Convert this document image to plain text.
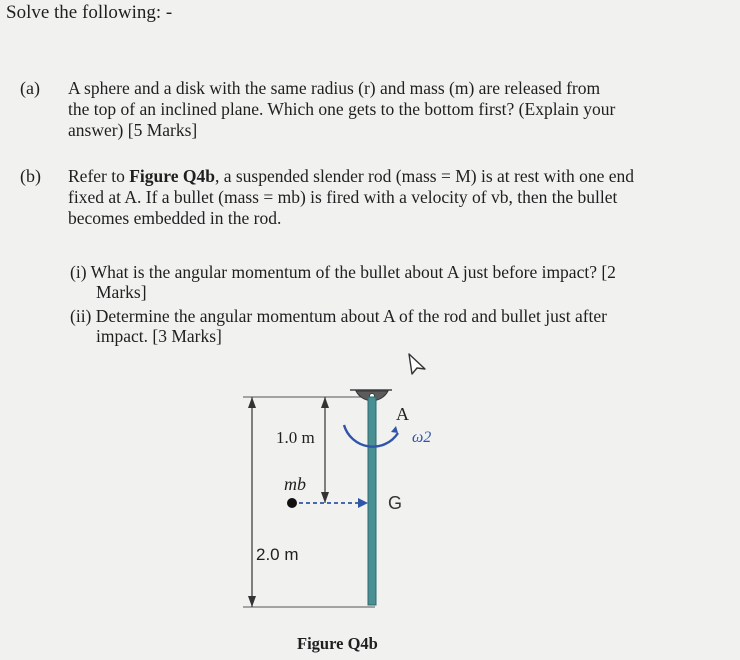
Solve the following: -
(a) A sphere and a disk with the same radius (r) and mass (m) are released from
the top of an inclined plane. Which one gets to the bottom first? (Explain your
answer) [5 Marks]
(b) Refer to Figure Q4b, a suspended slender rod (mass = M) is at rest with one end
fixed at A. If a bullet (mass = mb) is fired with a velocity of vb, then the bullet
becomes embedded in the rod.
(i) What is the angular momentum of the bullet about A just before impact? [2
Marks]
(ii) Determine the angular momentum about A of the rod and bullet just after
impact. [3 Marks]
1.0 m
2.0 m
mb
A
G
ω2
Figure Q4b
